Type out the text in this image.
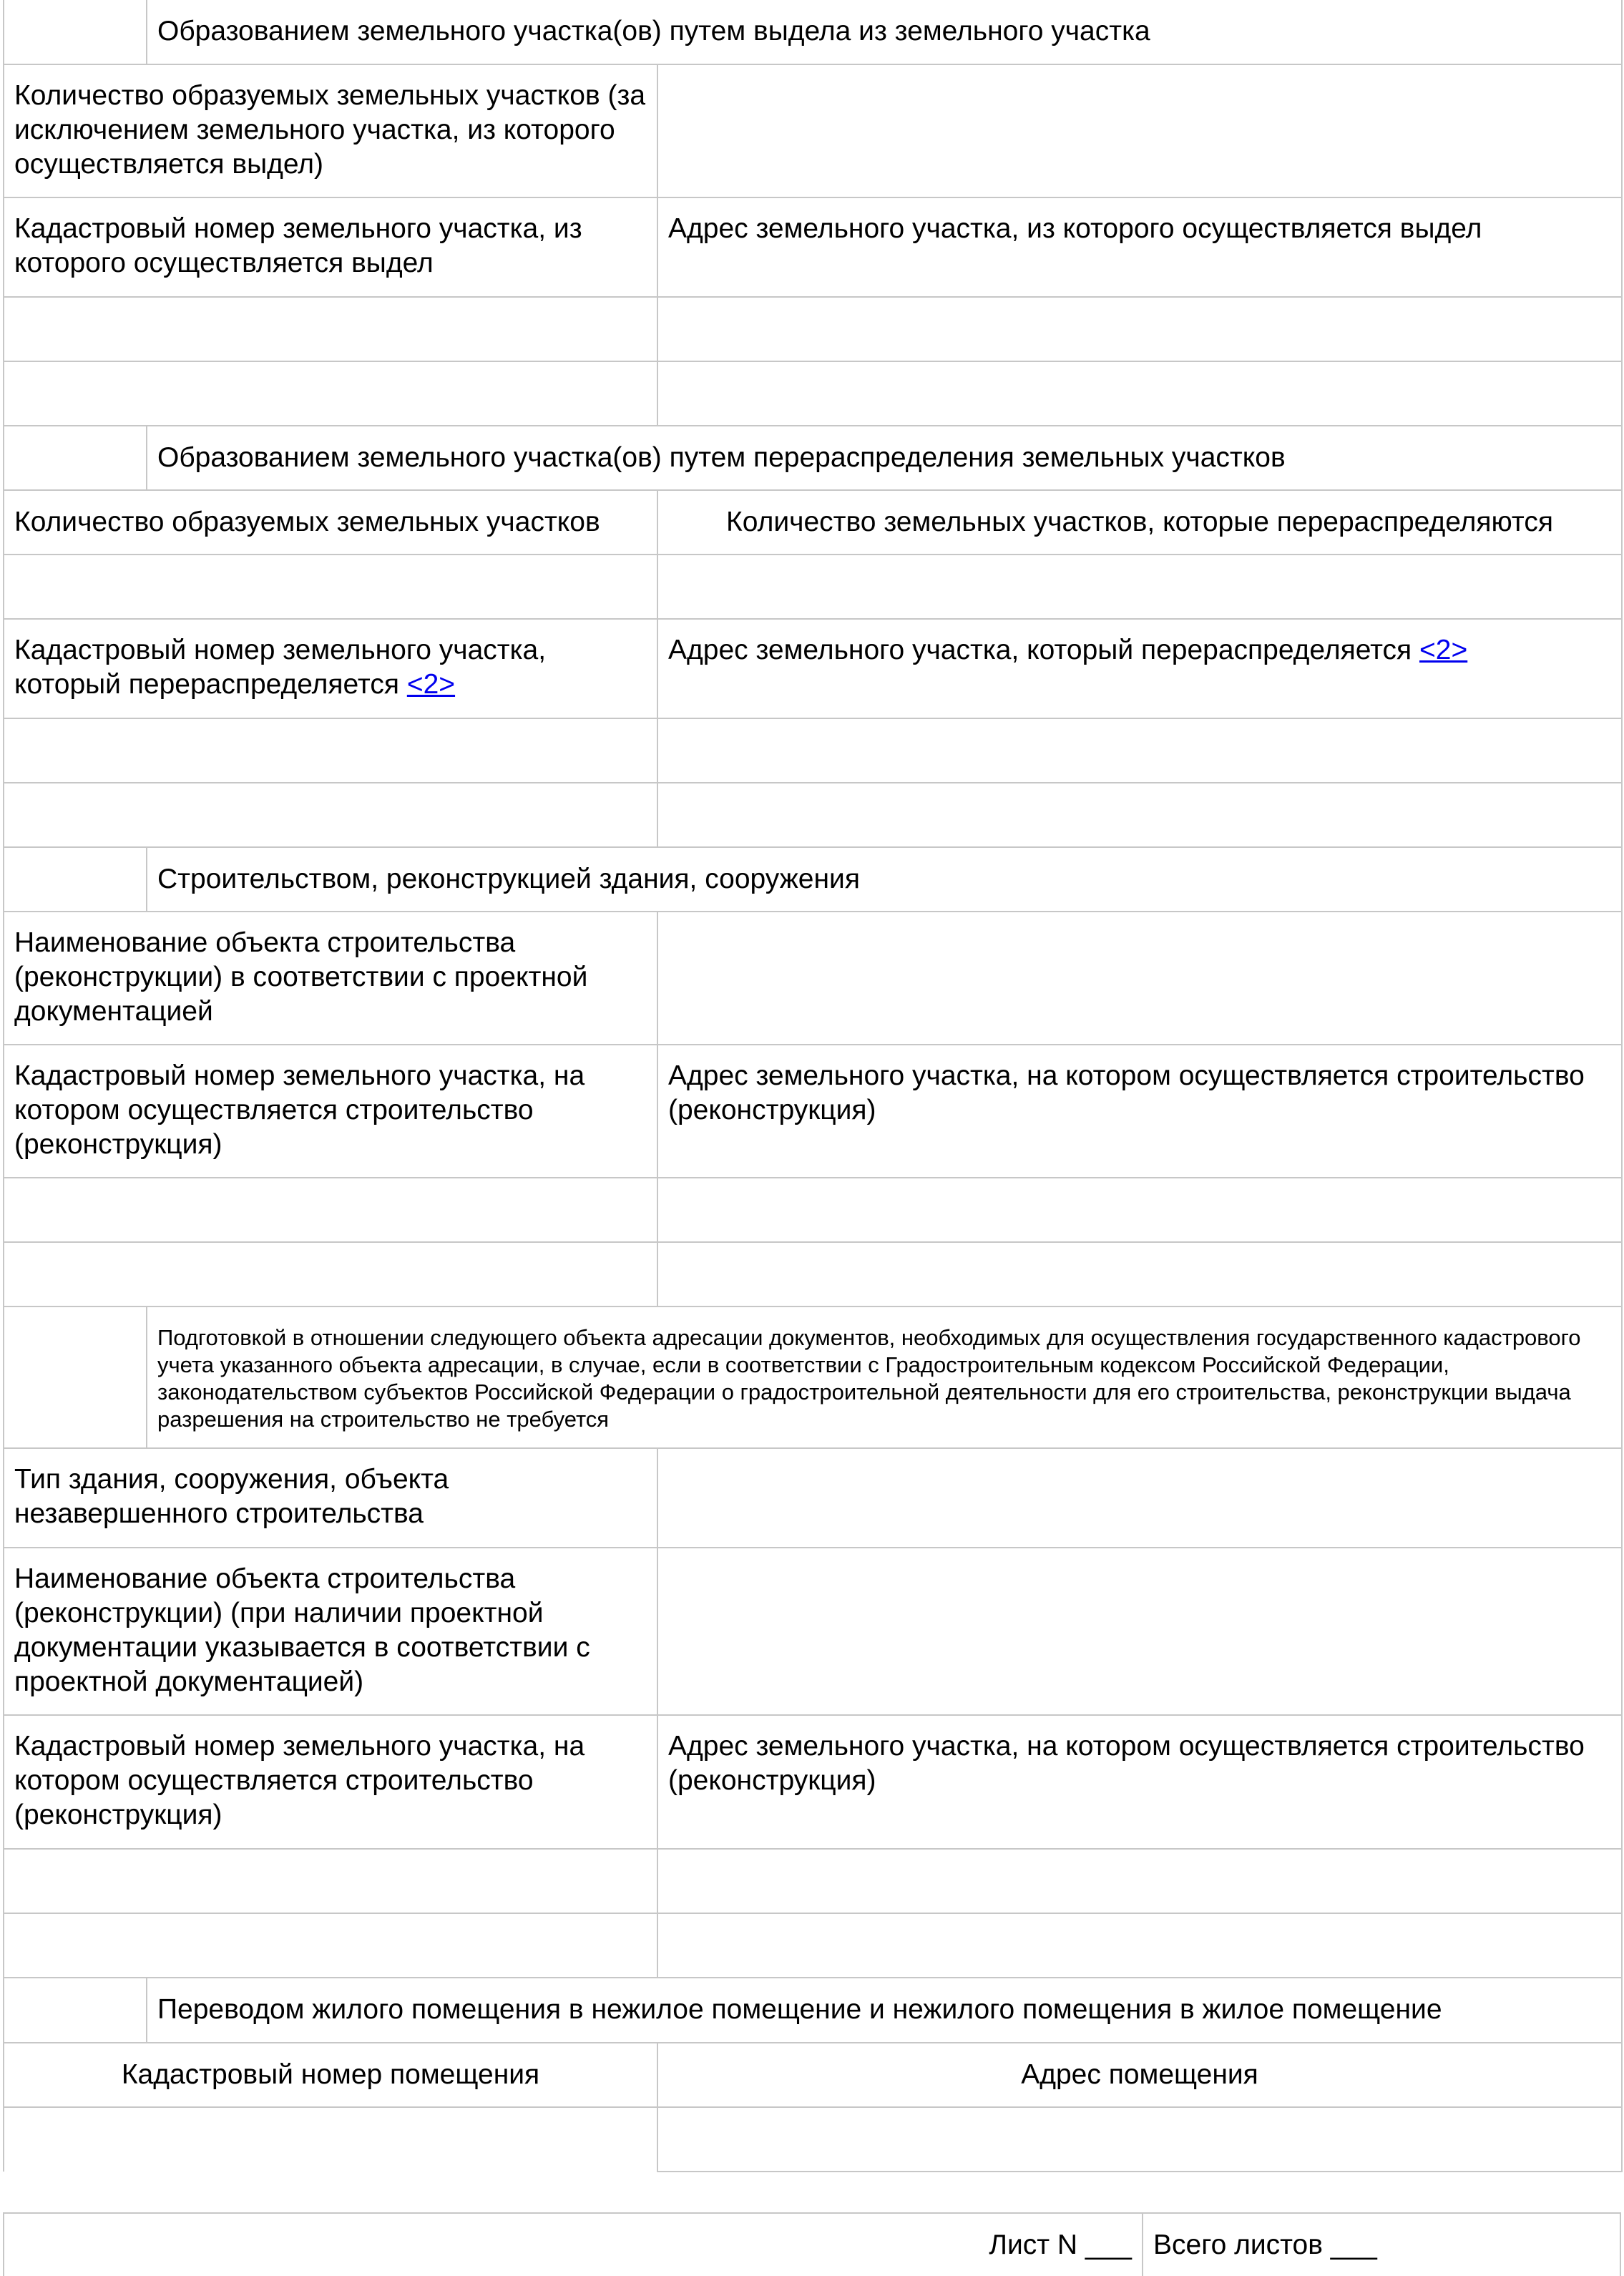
	Образованием земельного участка(ов) путем выдела из земельного участка	
Количество образуемых земельных участков (за исключением земельного участка, из которого осуществляется выдел)		
Кадастровый номер земельного участка, из которого осуществляется выдел		Адрес земельного участка, из которого осуществляется выдел

	Образованием земельного участка(ов) путем перераспределения земельных участков	
Количество образуемых земельных участков		Количество земельных участков, которые перераспределяются

Кадастровый номер земельного участка, который перераспределяется <2>		Адрес земельного участка, который перераспределяется <2>

	Строительством, реконструкцией здания, сооружения	
Наименование объекта строительства (реконструкции) в соответствии с проектной документацией		
Кадастровый номер земельного участка, на котором осуществляется строительство (реконструкция)		Адрес земельного участка, на котором осуществляется строительство (реконструкция)

	Подготовкой в отношении следующего объекта адресации документов, необходимых для осуществления государственного кадастрового учета указанного объекта адресации, в случае, если в соответствии с Градостроительным кодексом Российской Федерации, законодательством субъектов Российской Федерации о градостроительной деятельности для его строительства, реконструкции выдача разрешения на строительство не требуется	
Тип здания, сооружения, объекта незавершенного строительства		
Наименование объекта строительства (реконструкции) (при наличии проектной документации указывается в соответствии с проектной документацией)		
Кадастровый номер земельного участка, на котором осуществляется строительство (реконструкция)		Адрес земельного участка, на котором осуществляется строительство (реконструкция)

	Переводом жилого помещения в нежилое помещение и нежилого помещения в жилое помещение	
Кадастровый номер помещения		Адрес помещения

Лист N ___ Всего листов ___
